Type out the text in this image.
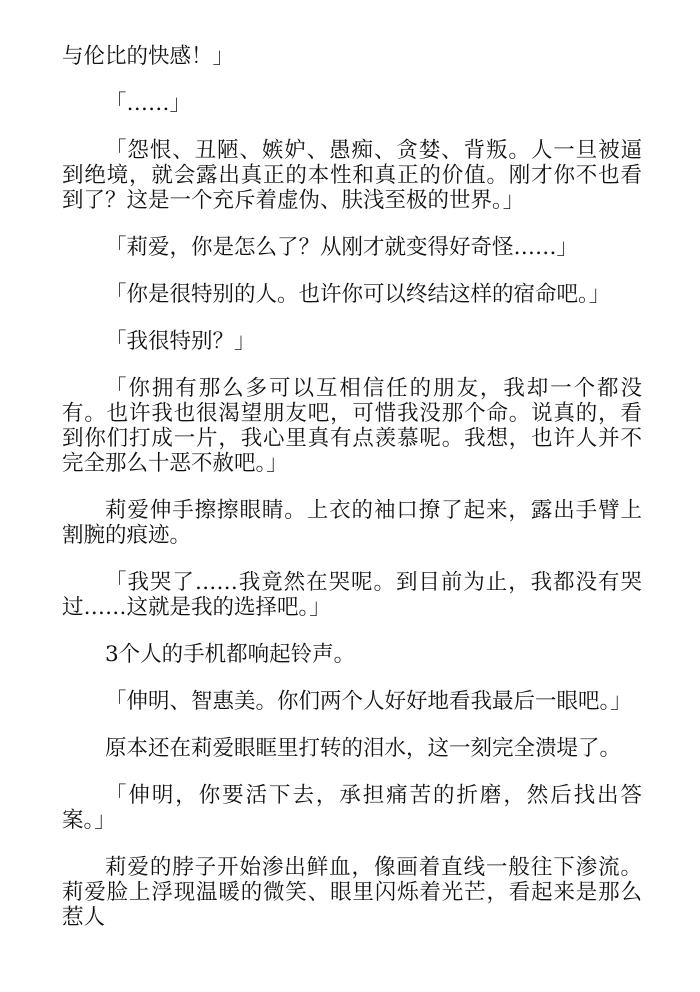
与伦比的快感！」

「……」

「怨恨、丑陋、嫉妒、愚痴、贪婪、背叛。人一旦被逼到绝境，就会露出真正的本性和真正的价值。刚才你不也看到了？这是一个充斥着虚伪、肤浅至极的世界。」

「莉爱，你是怎么了？从刚才就变得好奇怪……」

「你是很特别的人。也许你可以终结这样的宿命吧。」

「我很特别？」

「你拥有那么多可以互相信任的朋友，我却一个都没有。也许我也很渴望朋友吧，可惜我没那个命。说真的，看到你们打成一片，我心里真有点羡慕呢。我想，也许人并不完全那么十恶不赦吧。」

莉爱伸手擦擦眼睛。上衣的袖口撩了起来，露出手臂上割腕的痕迹。

「我哭了……我竟然在哭呢。到目前为止，我都没有哭过……这就是我的选择吧。」

3个人的手机都响起铃声。

「伸明、智惠美。你们两个人好好地看我最后一眼吧。」

原本还在莉爱眼眶里打转的泪水，这一刻完全溃堤了。

「伸明，你要活下去，承担痛苦的折磨，然后找出答案。」

莉爱的脖子开始渗出鲜血，像画着直线一般往下渗流。莉爱脸上浮现温暖的微笑、眼里闪烁着光芒，看起来是那么惹人
